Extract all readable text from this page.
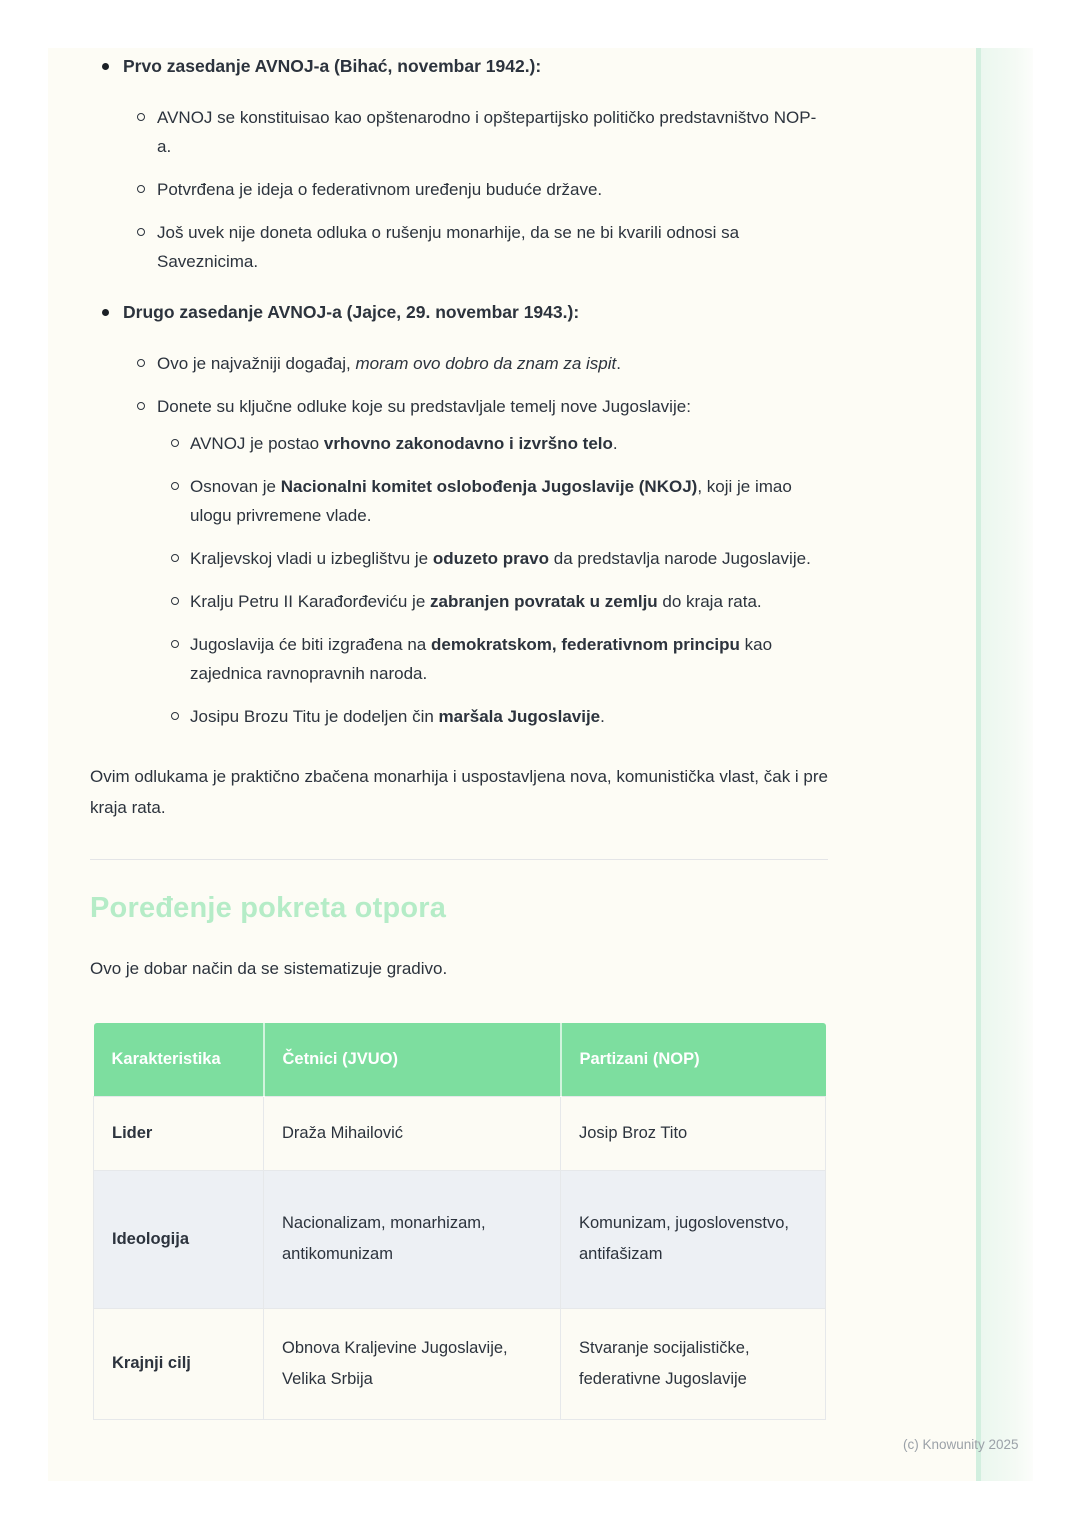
Prvo zasedanje AVNOJ-a (Bihać, novembar 1942.):
AVNOJ se konstituisao kao opštenarodno i opštepartijsko političko predstavništvo NOP-a.
Potvrđena je ideja o federativnom uređenju buduće države.
Još uvek nije doneta odluka o rušenju monarhije, da se ne bi kvarili odnosi sa Saveznicima.
Drugo zasedanje AVNOJ-a (Jajce, 29. novembar 1943.):
Ovo je najvažniji događaj, moram ovo dobro da znam za ispit.
Donete su ključne odluke koje su predstavljale temelj nove Jugoslavije:
AVNOJ je postao vrhovno zakonodavno i izvršno telo.
Osnovan je Nacionalni komitet oslobođenja Jugoslavije (NKOJ), koji je imao ulogu privremene vlade.
Kraljevskoj vladi u izbeglištvu je oduzeto pravo da predstavlja narode Jugoslavije.
Kralju Petru II Karađorđeviću je zabranjen povratak u zemlju do kraja rata.
Jugoslavija će biti izgrađena na demokratskom, federativnom principu kao zajednica ravnopravnih naroda.
Josipu Brozu Titu je dodeljen čin maršala Jugoslavije.

Ovim odlukama je praktično zbačena monarhija i uspostavljena nova, komunistička vlast, čak i pre kraja rata.

Poređenje pokreta otpora

Ovo je dobar način da se sistematizuje gradivo.

Karakteristika	Četnici (JVUO)	Partizani (NOP)
Lider	Draža Mihailović	Josip Broz Tito
Ideologija	Nacionalizam, monarhizam, antikomunizam	Komunizam, jugoslovenstvo, antifašizam
Krajnji cilj	Obnova Kraljevine Jugoslavije, Velika Srbija	Stvaranje socijalističke, federativne Jugoslavije
(c) Knowunity 2025
